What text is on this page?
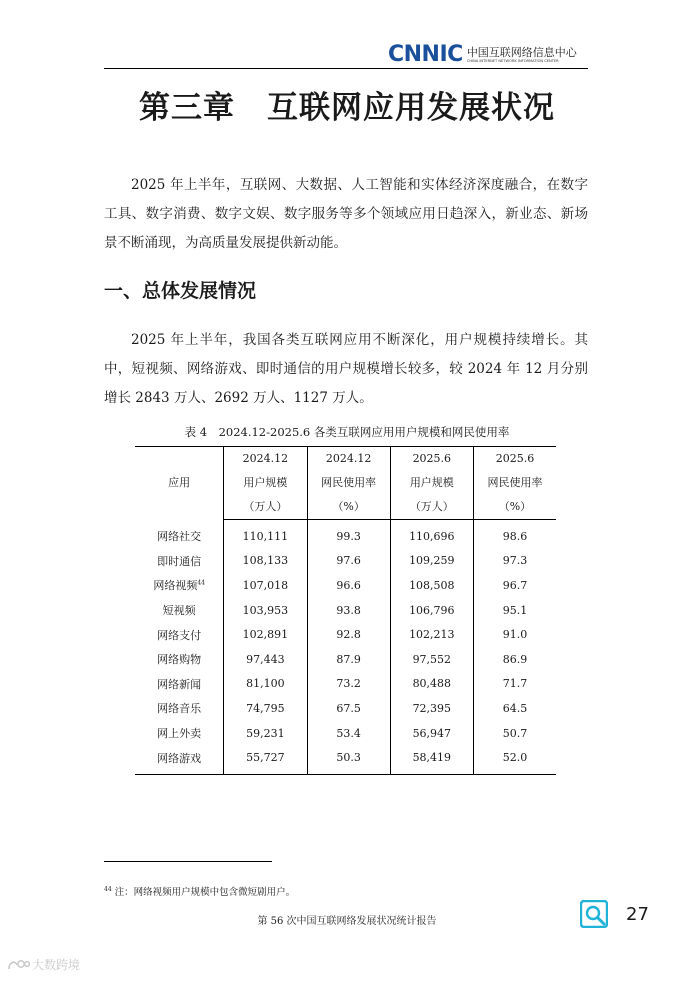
CNNIC 中国互联网络信息中心
CHINA INTERNET NETWORK INFORMATION CENTER
第三章　互联网应用发展状况

2025 年上半年，互联网、大数据、人工智能和实体经济深度融合，在数字工具、数字消费、数字文娱、数字服务等多个领域应用日趋深入，新业态、新场景不断涌现，为高质量发展提供新动能。

一、总体发展情况

2025 年上半年，我国各类互联网应用不断深化，用户规模持续增长。其中，短视频、网络游戏、即时通信的用户规模增长较多，较 2024 年 12 月分别增长 2843 万人、2692 万人、1127 万人。

表 4　2024.12-2025.6 各类互联网应用用户规模和网民使用率
应用	2024.12	2024.12	2025.6	2025.6
	用户规模	网民使用率	用户规模	网民使用率
	（万人）	（%）	（万人）	（%）
网络社交	110,111	99.3	110,696	98.6
即时通信	108,133	97.6	109,259	97.3
网络视频$^{44}$	107,018	96.6	108,508	96.7
短视频	103,953	93.8	106,796	95.1
网络支付	102,891	92.8	102,213	91.0
网络购物	97,443	87.9	97,552	86.9
网络新闻	81,100	73.2	80,488	71.7
网络音乐	74,795	67.5	72,395	64.5
网上外卖	59,231	53.4	56,947	50.7
网络游戏	55,727	50.3	58,419	52.0
$^{44}$ 注：网络视频用户规模中包含微短剧用户。
第 56 次中国互联网络发展状况统计报告	27
大数跨境
